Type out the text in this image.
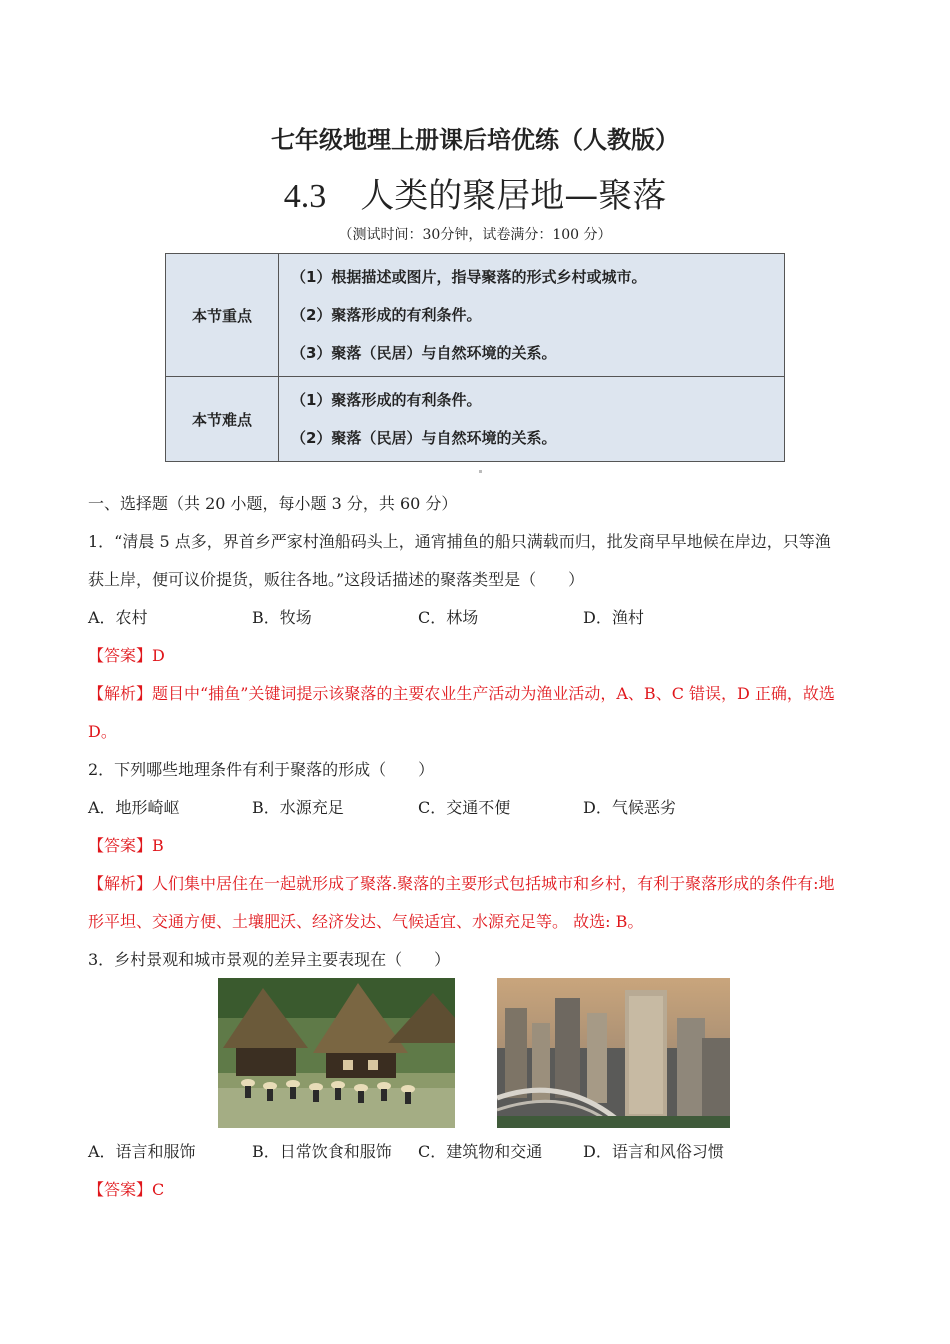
七年级地理上册课后培优练（人教版）
4.3 人类的聚居地—聚落
（测试时间：30分钟，试卷满分：100 分）
本节重点	（1）根据描述或图片，指导聚落的形式乡村或城市。
（2）聚落形成的有利条件。
（3）聚落（民居）与自然环境的关系。

本节难点	（1）聚落形成的有利条件。
（2）聚落（民居）与自然环境的关系。
一、选择题（共 20 小题，每小题 3 分，共 60 分）
1．“清晨 5 点多，界首乡严家村渔船码头上，通宵捕鱼的船只满载而归，批发商早早地候在岸边，只等渔
获上岸，便可议价提货，贩往各地。”这段话描述的聚落类型是（　　）
A．农村	B．牧场	C．林场	D．渔村
【答案】D
【解析】题目中“捕鱼”关键词提示该聚落的主要农业生产活动为渔业活动，A、B、C 错误，D 正确，故选
D。
2．下列哪些地理条件有利于聚落的形成（　　）
A．地形崎岖	B．水源充足	C．交通不便	D．气候恶劣
【答案】B
【解析】人们集中居住在一起就形成了聚落.聚落的主要形式包括城市和乡村，有利于聚落形成的条件有:地
形平坦、交通方便、土壤肥沃、经济发达、气候适宜、水源充足等。 故选: B。
3．乡村景观和城市景观的差异主要表现在（　　）
A．语言和服饰	B．日常饮食和服饰 C．建筑物和交通	D．语言和风俗习惯
【答案】C
